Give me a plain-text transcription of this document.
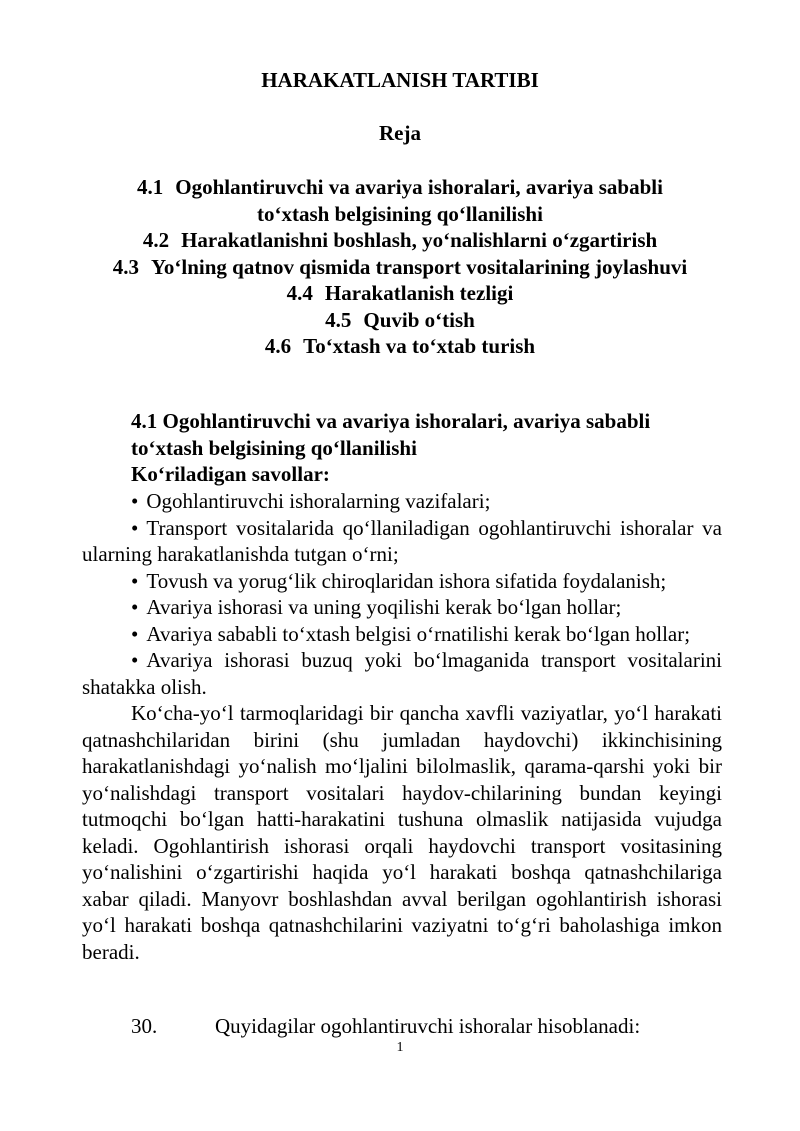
HARAKATLANISH TARTIBI
Reja
4.1 Ogohlantiruvchi va avariya ishoralari, avariya sababli to‘xtash belgisining qo‘llanilishi
4.2 Harakatlanishni boshlash, yo‘nalishlarni o‘zgartirish
4.3 Yo‘lning qatnov qismida transport vositalarining joylashuvi
4.4 Harakatlanish tezligi
4.5 Quvib o‘tish
4.6 To‘xtash va to‘xtab turish
4.1 Ogohlantiruvchi va avariya ishoralari, avariya sababli to‘xtash belgisining qo‘llanilishi
Ko‘riladigan savollar:

• Ogohlantiruvchi ishoralarning vazifalari;

• Transport vositalarida qo‘llaniladigan ogohlantiruvchi ishoralar va ularning harakatlanishda tutgan o‘rni;

• Tovush va yorug‘lik chiroqlaridan ishora sifatida foydalanish;

• Avariya ishorasi va uning yoqilishi kerak bo‘lgan hollar;

• Avariya sababli to‘xtash belgisi o‘rnatilishi kerak bo‘lgan hollar;

• Avariya ishorasi buzuq yoki bo‘lmaganida transport vositalarini shatakka olish.

Ko‘cha-yo‘l tarmoqlaridagi bir qancha xavfli vaziyatlar, yo‘l harakati qatnashchilaridan birini (shu jumladan haydovchi) ikkinchisining harakatlanishdagi yo‘nalish mo‘ljalini bilolmaslik, qarama-qarshi yoki bir yo‘nalishdagi transport vositalari haydov-chilarining bundan keyingi tutmoqchi bo‘lgan hatti-harakatini tushuna olmaslik natijasida vujudga keladi. Ogohlantirish ishorasi orqali haydovchi transport vositasining yo‘nalishini o‘zgartirishi haqida yo‘l harakati boshqa qatnashchilariga xabar qiladi. Manyovr boshlashdan avval berilgan ogohlantirish ishorasi yo‘l harakati boshqa qatnashchilarini vaziyatni to‘g‘ri baholashiga imkon beradi.

30.	Quyidagilar ogohlantiruvchi ishoralar hisoblanadi:
1
